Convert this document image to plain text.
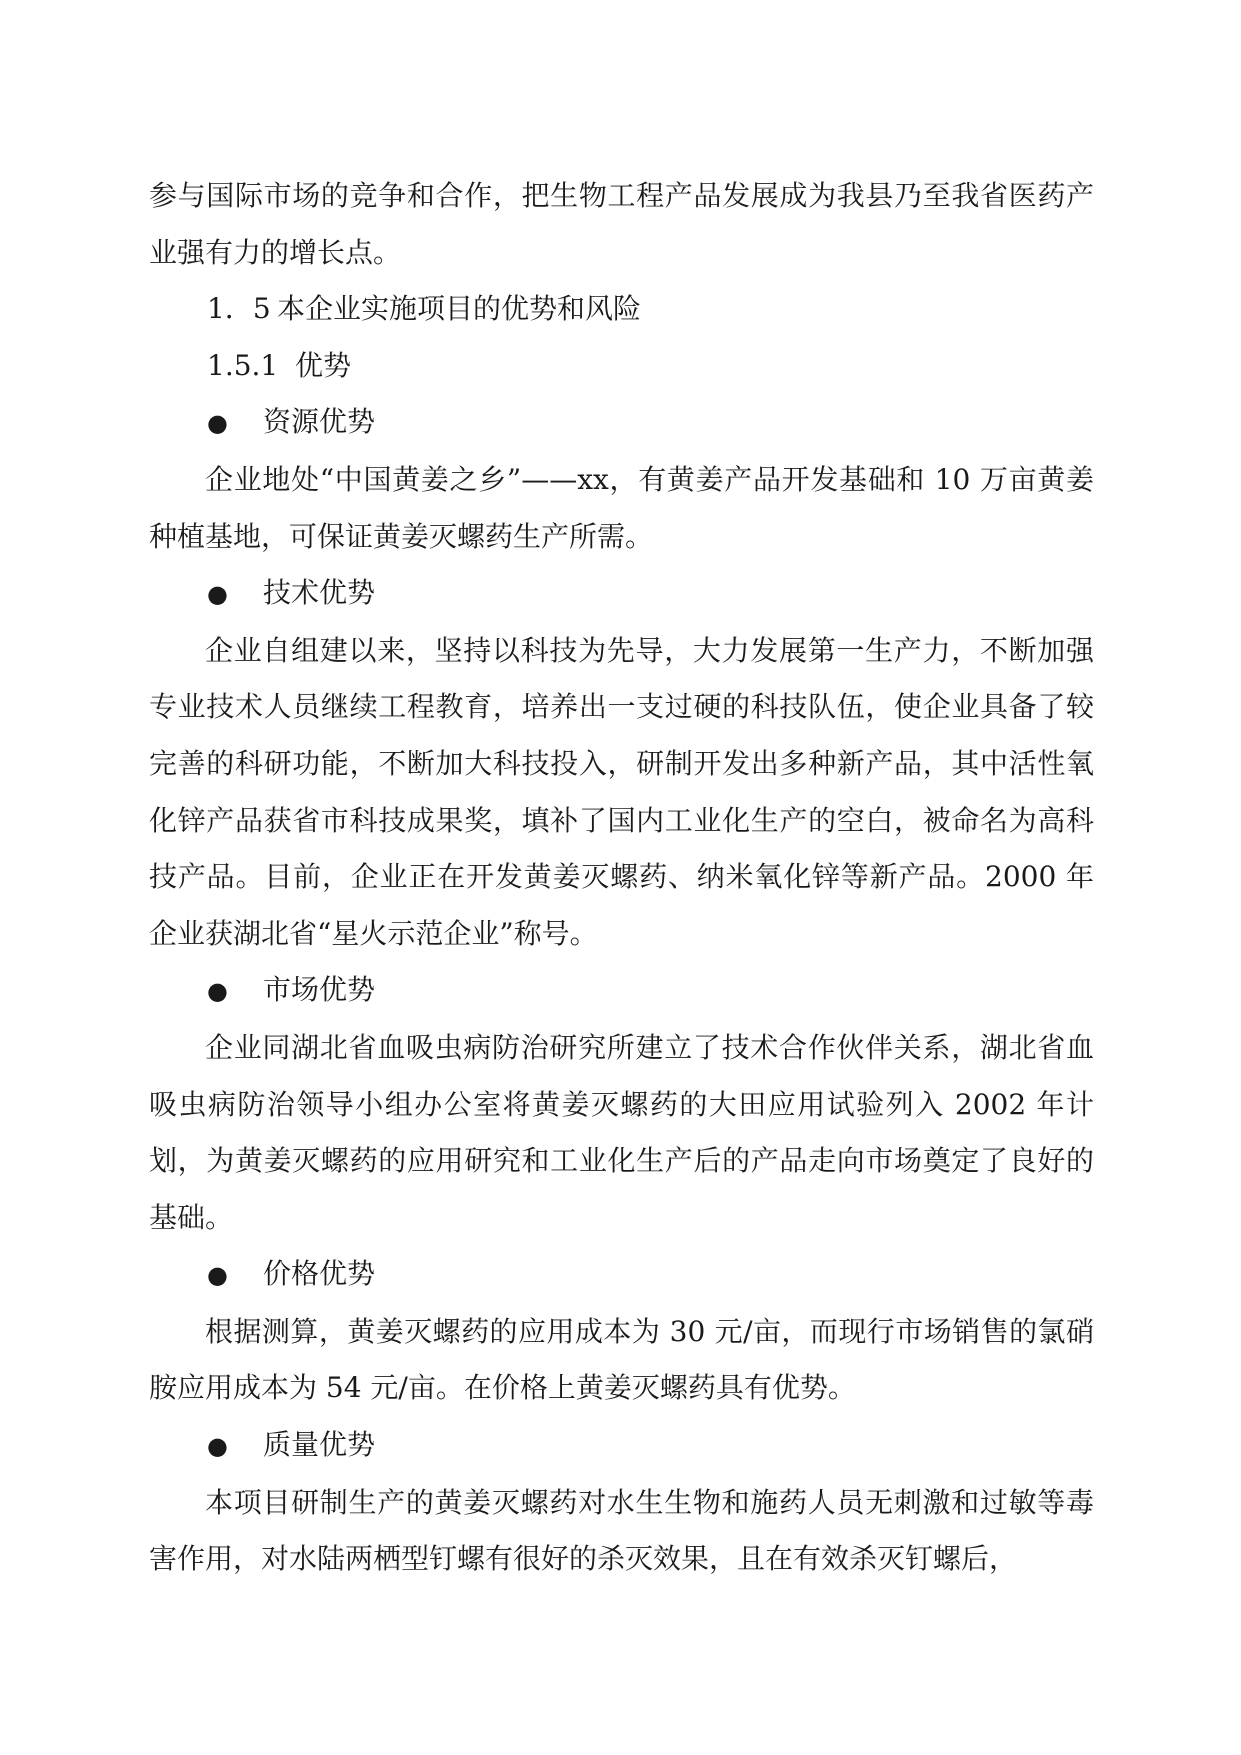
参与国际市场的竞争和合作，把生物工程产品发展成为我县乃至我省医药产业强有力的增长点。

1．5 本企业实施项目的优势和风险

1.5.1 优势

● 资源优势

企业地处“中国黄姜之乡”——xx，有黄姜产品开发基础和 10 万亩黄姜种植基地，可保证黄姜灭螺药生产所需。

● 技术优势

企业自组建以来，坚持以科技为先导，大力发展第一生产力，不断加强专业技术人员继续工程教育，培养出一支过硬的科技队伍，使企业具备了较完善的科研功能，不断加大科技投入，研制开发出多种新产品，其中活性氧化锌产品获省市科技成果奖，填补了国内工业化生产的空白，被命名为高科技产品。目前，企业正在开发黄姜灭螺药、纳米氧化锌等新产品。2000 年企业获湖北省“星火示范企业”称号。

● 市场优势

企业同湖北省血吸虫病防治研究所建立了技术合作伙伴关系，湖北省血吸虫病防治领导小组办公室将黄姜灭螺药的大田应用试验列入 2002 年计划，为黄姜灭螺药的应用研究和工业化生产后的产品走向市场奠定了良好的基础。

● 价格优势

根据测算，黄姜灭螺药的应用成本为 30 元/亩，而现行市场销售的氯硝胺应用成本为 54 元/亩。在价格上黄姜灭螺药具有优势。

● 质量优势

本项目研制生产的黄姜灭螺药对水生生物和施药人员无刺激和过敏等毒害作用，对水陆两栖型钉螺有很好的杀灭效果，且在有效杀灭钉螺后，
